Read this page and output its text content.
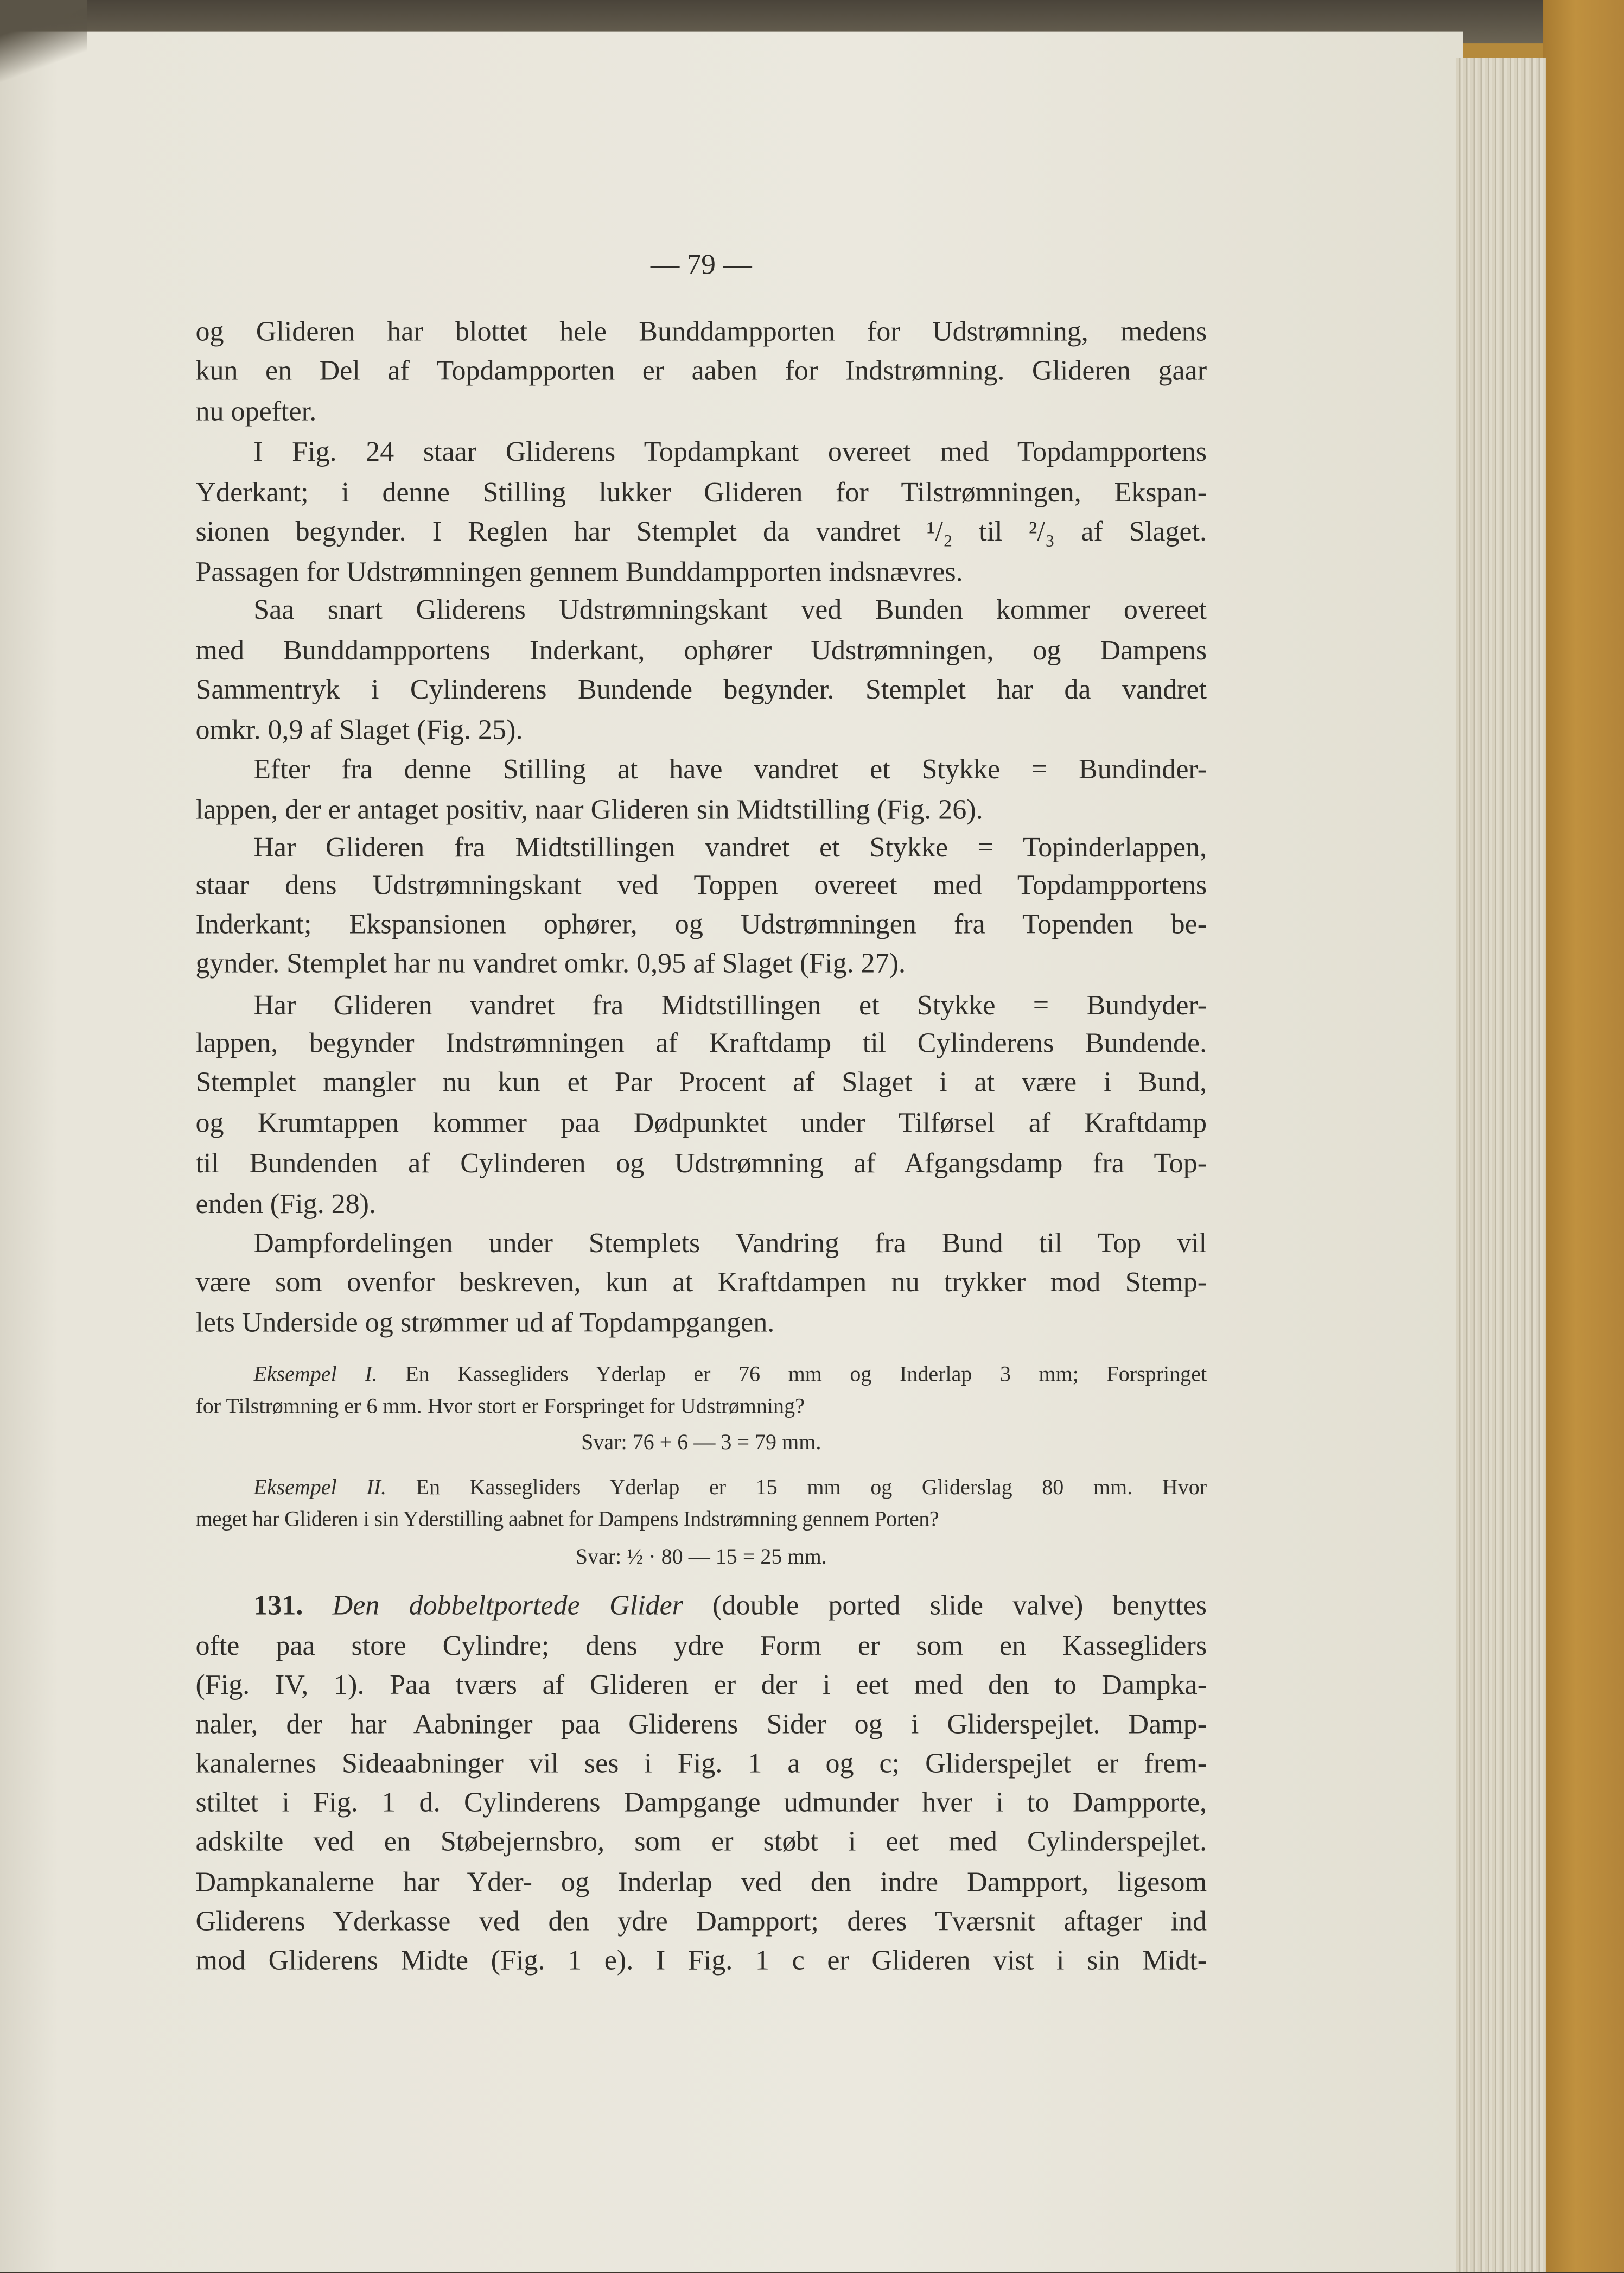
— 79 —
og Glideren har blottet hele Bunddampporten for Udstrømning, medens
kun en Del af Topdampporten er aaben for Indstrømning. Glideren gaar
nu opefter.
I Fig. 24 staar Gliderens Topdampkant overeet med Topdampportens
Yderkant; i denne Stilling lukker Glideren for Tilstrømningen, Ekspan-
sionen begynder. I Reglen har Stemplet da vandret ¹/₂ til ²/₃ af Slaget.
Passagen for Udstrømningen gennem Bunddampporten indsnævres.
Saa snart Gliderens Udstrømningskant ved Bunden kommer overeet
med Bunddampportens Inderkant, ophører Udstrømningen, og Dampens
Sammentryk i Cylinderens Bundende begynder. Stemplet har da vandret
omkr. 0,9 af Slaget (Fig. 25).
Efter fra denne Stilling at have vandret et Stykke = Bundinder-
lappen, der er antaget positiv, naar Glideren sin Midtstilling (Fig. 26).
Har Glideren fra Midtstillingen vandret et Stykke = Topinderlappen,
staar dens Udstrømningskant ved Toppen overeet med Topdampportens
Inderkant; Ekspansionen ophører, og Udstrømningen fra Topenden be-
gynder. Stemplet har nu vandret omkr. 0,95 af Slaget (Fig. 27).
Har Glideren vandret fra Midtstillingen et Stykke = Bundyder-
lappen, begynder Indstrømningen af Kraftdamp til Cylinderens Bundende.
Stemplet mangler nu kun et Par Procent af Slaget i at være i Bund,
og Krumtappen kommer paa Dødpunktet under Tilførsel af Kraftdamp
til Bundenden af Cylinderen og Udstrømning af Afgangsdamp fra Top-
enden (Fig. 28).
Dampfordelingen under Stemplets Vandring fra Bund til Top vil
være som ovenfor beskreven, kun at Kraftdampen nu trykker mod Stemp-
lets Underside og strømmer ud af Topdampgangen.
Eksempel I. En Kassegliders Yderlap er 76 mm og Inderlap 3 mm; Forspringet
for Tilstrømning er 6 mm. Hvor stort er Forspringet for Udstrømning?
Svar: 76 + 6 — 3 = 79 mm.
Eksempel II. En Kassegliders Yderlap er 15 mm og Gliderslag 80 mm. Hvor
meget har Glideren i sin Yderstilling aabnet for Dampens Indstrømning gennem Porten?
Svar: ½ · 80 — 15 = 25 mm.
131. Den dobbeltportede Glider (double ported slide valve) benyttes
ofte paa store Cylindre; dens ydre Form er som en Kassegliders
(Fig. IV, 1). Paa tværs af Glideren er der i eet med den to Dampka-
naler, der har Aabninger paa Gliderens Sider og i Gliderspejlet. Damp-
kanalernes Sideaabninger vil ses i Fig. 1 a og c; Gliderspejlet er frem-
stiltet i Fig. 1 d. Cylinderens Dampgange udmunder hver i to Dampporte,
adskilte ved en Støbejernsbro, som er støbt i eet med Cylinderspejlet.
Dampkanalerne har Yder- og Inderlap ved den indre Dampport, ligesom
Gliderens Yderkasse ved den ydre Dampport; deres Tværsnit aftager ind
mod Gliderens Midte (Fig. 1 e). I Fig. 1 c er Glideren vist i sin Midt-
